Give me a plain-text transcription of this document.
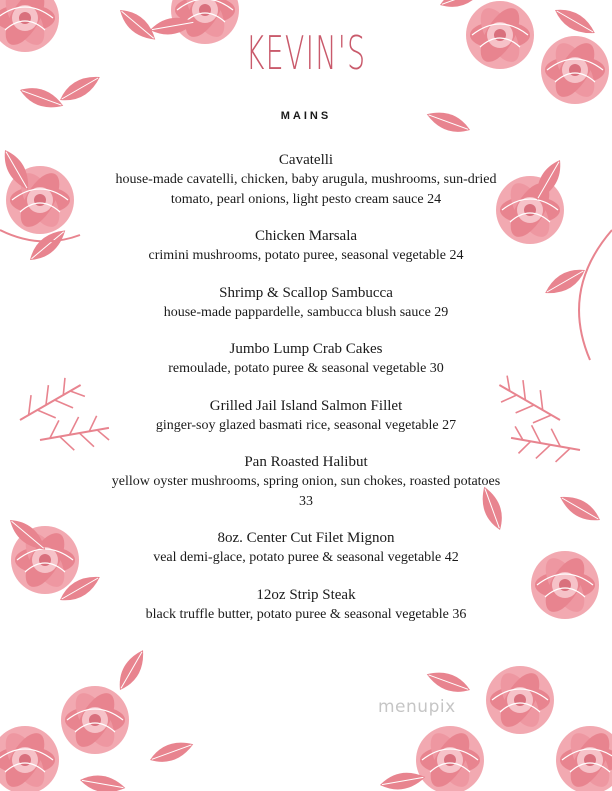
KEVIN'S
MAINS
Cavatelli
house-made cavatelli, chicken, baby arugula, mushrooms, sun-dried tomato, pearl onions, light pesto cream sauce 24
Chicken Marsala
crimini mushrooms, potato puree, seasonal vegetable 24
Shrimp & Scallop Sambucca
house-made pappardelle, sambucca blush sauce 29
Jumbo Lump Crab Cakes
remoulade, potato puree & seasonal vegetable 30
Grilled Jail Island Salmon Fillet
ginger-soy glazed basmati rice, seasonal vegetable 27
Pan Roasted Halibut
yellow oyster mushrooms, spring onion, sun chokes, roasted potatoes 33
8oz. Center Cut Filet Mignon
veal demi-glace, potato puree & seasonal vegetable 42
12oz Strip Steak
black truffle butter, potato puree & seasonal vegetable 36
menupix
